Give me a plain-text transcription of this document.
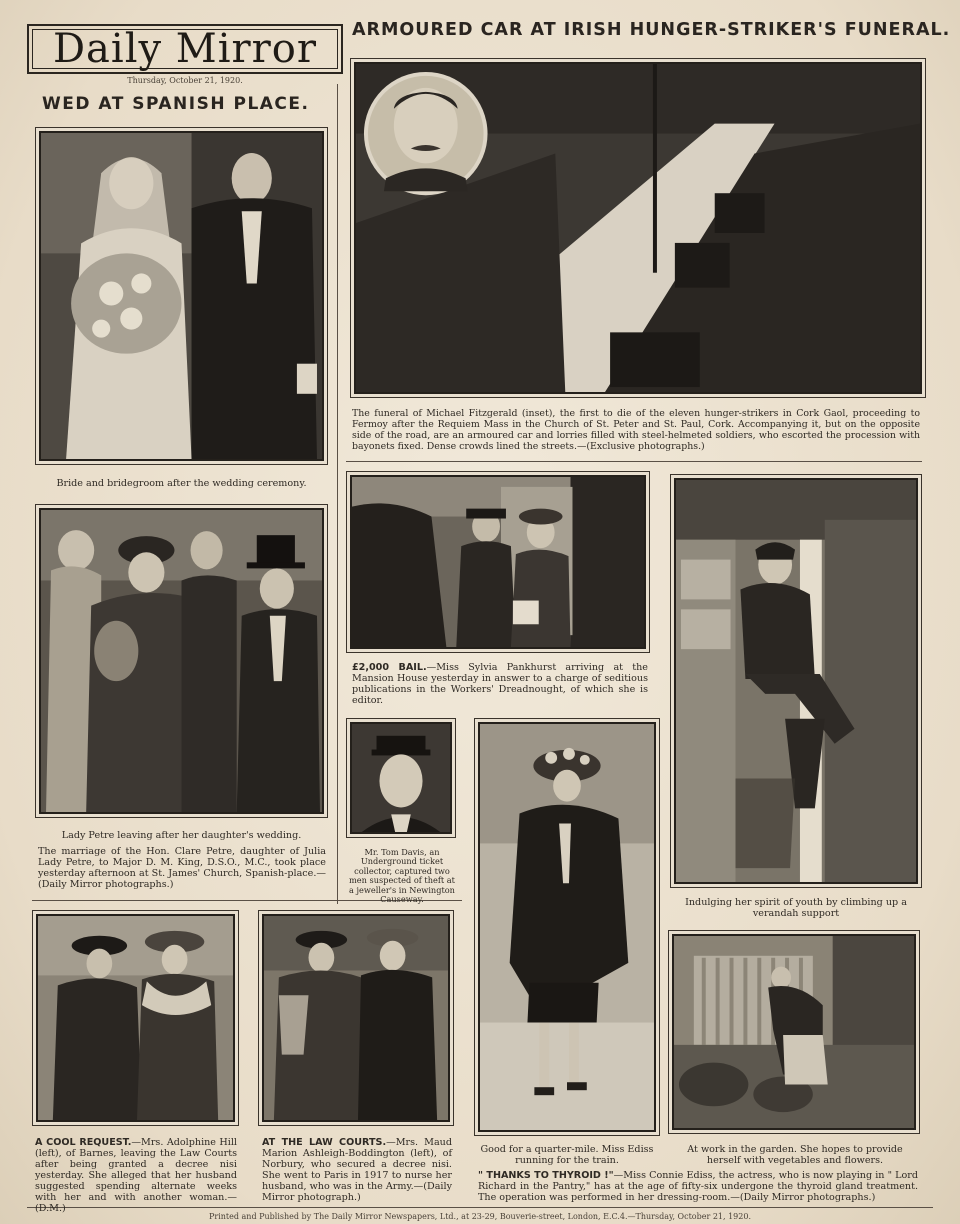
Daily Mirror
Thursday, October 21, 1920.
WED AT SPANISH PLACE.
ARMOURED CAR AT IRISH HUNGER-STRIKER'S FUNERAL.
Bride and bridegroom after the wedding ceremony.
Lady Petre leaving after her daughter's wedding.
The marriage of the Hon. Clare Petre, daughter of Julia Lady Petre, to Major D. M. King, D.S.O., M.C., took place yesterday afternoon at St. James' Church, Spanish-place.—(Daily Mirror photographs.)
The funeral of Michael Fitzgerald (inset), the first to die of the eleven hunger-strikers in Cork Gaol, proceeding to Fermoy after the Requiem Mass in the Church of St. Peter and St. Paul, Cork. Accompanying it, but on the opposite side of the road, are an armoured car and lorries filled with steel-helmeted soldiers, who escorted the procession with bayonets fixed. Dense crowds lined the streets.—(Exclusive photographs.)
£2,000 BAIL.—Miss Sylvia Pankhurst arriving at the Mansion House yesterday in answer to a charge of seditious publications in the Workers' Dreadnought, of which she is editor.
Mr. Tom Davis, an Underground ticket collector, captured two men suspected of theft at a jeweller's in Newington Causeway.	Indulging her spirit of youth by climbing up a verandah support
Good for a quarter-mile. Miss Ediss running for the train.
At work in the garden. She hopes to provide herself with vegetables and flowers.
A COOL REQUEST.—Mrs. Adolphine Hill (left), of Barnes, leaving the Law Courts after being granted a decree nisi yesterday. She alleged that her husband suggested spending alternate weeks with her and with another woman.—(D.M.)
AT THE LAW COURTS.—Mrs. Maud Marion Ashleigh-Boddington (left), of Norbury, who secured a decree nisi. She went to Paris in 1917 to nurse her husband, who was in the Army.—(Daily Mirror photograph.)
" THANKS TO THYROID !"—Miss Connie Ediss, the actress, who is now playing in " Lord Richard in the Pantry," has at the age of fifty-six undergone the thyroid gland treatment. The operation was performed in her dressing-room.—(Daily Mirror photographs.)
Printed and Published by The Daily Mirror Newspapers, Ltd., at 23-29, Bouverie-street, London, E.C.4.—Thursday, October 21, 1920.
